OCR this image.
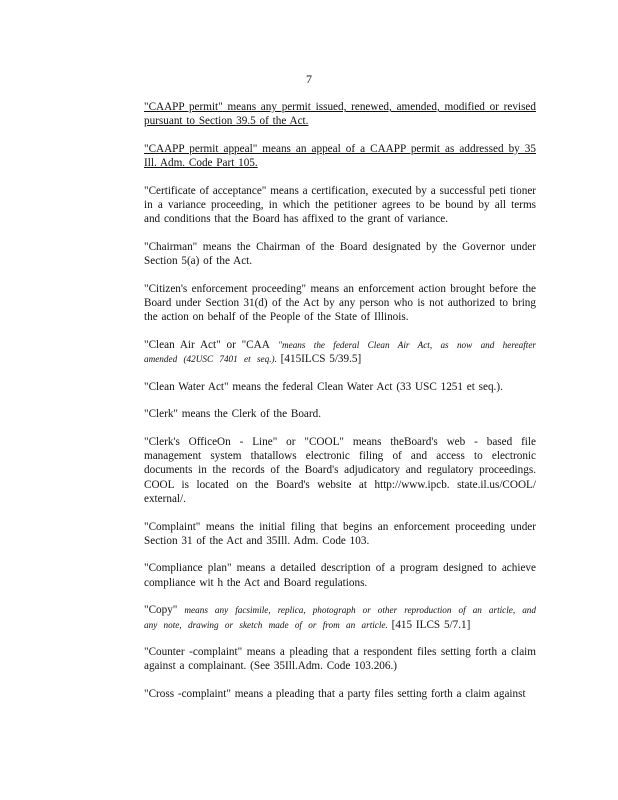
7

"CAAPP permit" means any permit issued, renewed, amended, modified or revised pursuant to Section 39.5 of the Act.

"CAAPP permit appeal" means an appeal of a CAAPP permit as addressed by 35 Ill. Adm. Code Part 105.

"Certificate of acceptance" means a certification, executed by a successful peti tioner in a variance proceeding, in which the petitioner agrees to be bound by all terms and conditions that the Board has affixed to the grant of variance.

"Chairman" means the Chairman of the Board designated by the Governor under Section 5(a) of the Act.

"Citizen's enforcement proceeding" means an enforcement action brought before the Board under Section 31(d) of the Act by any person who is not authorized to bring the action on behalf of the People of the State of Illinois.

"Clean Air Act" or "CAA "means the federal Clean Air Act, as now and hereafter amended (42USC 7401 et seq.). [415ILCS 5/39.5]

"Clean Water Act" means the federal Clean Water Act (33 USC 1251 et seq.).

"Clerk" means the Clerk of the Board.

"Clerk's OfficeOn - Line" or "COOL" means theBoard's web - based file management system thatallows electronic filing of and access to electronic documents in the records of the Board's adjudicatory and regulatory proceedings. COOL is located on the Board's website at http://www.ipcb. state.il.us/COOL/ external/.

"Complaint" means the initial filing that begins an enforcement proceeding under Section 31 of the Act and 35Ill. Adm. Code 103.

"Compliance plan" means a detailed description of a program designed to achieve compliance wit h the Act and Board regulations.

"Copy" means any facsimile, replica, photograph or other reproduction of an article, and any note, drawing or sketch made of or from an article. [415 ILCS 5/7.1]

"Counter -complaint" means a pleading that a respondent files setting forth a claim against a complainant. (See 35Ill.Adm. Code 103.206.)

"Cross -complaint" means a pleading that a party files setting forth a claim against
